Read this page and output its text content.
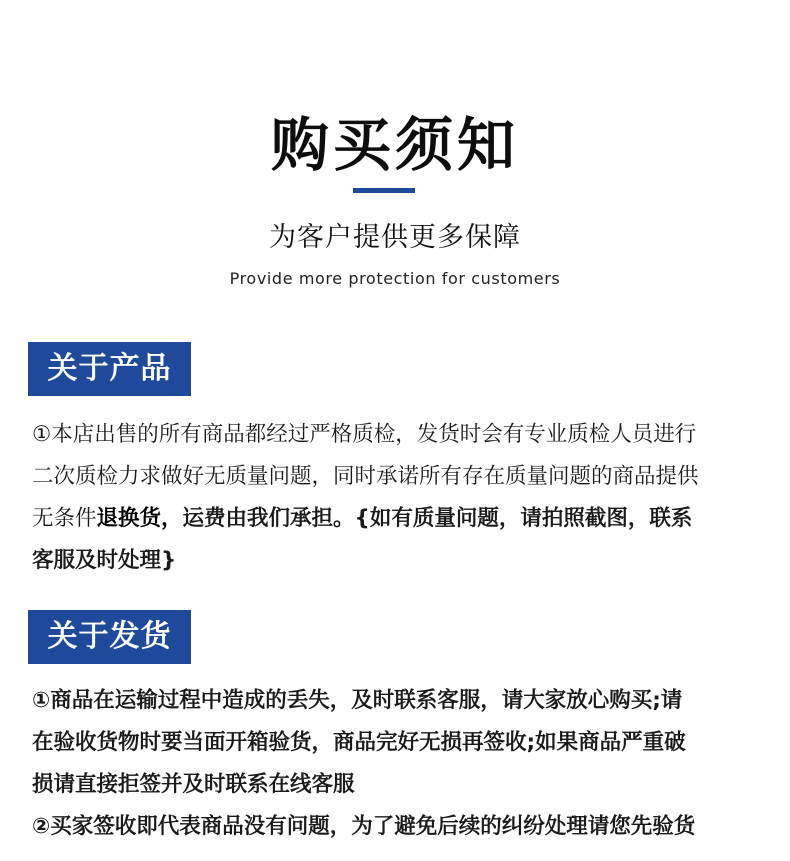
购买须知
为客户提供更多保障
Provide more protection for customers
关于产品
①本店出售的所有商品都经过严格质检，发货时会有专业质检人员进行
二次质检力求做好无质量问题，同时承诺所有存在质量问题的商品提供
无条件退换货，运费由我们承担。{如有质量问题，请拍照截图，联系
客服及时处理}
关于发货
①商品在运输过程中造成的丢失，及时联系客服，请大家放心购买;请
在验收货物时要当面开箱验货，商品完好无损再签收;如果商品严重破
损请直接拒签并及时联系在线客服
②买家签收即代表商品没有问题，为了避免后续的纠纷处理请您先验货
